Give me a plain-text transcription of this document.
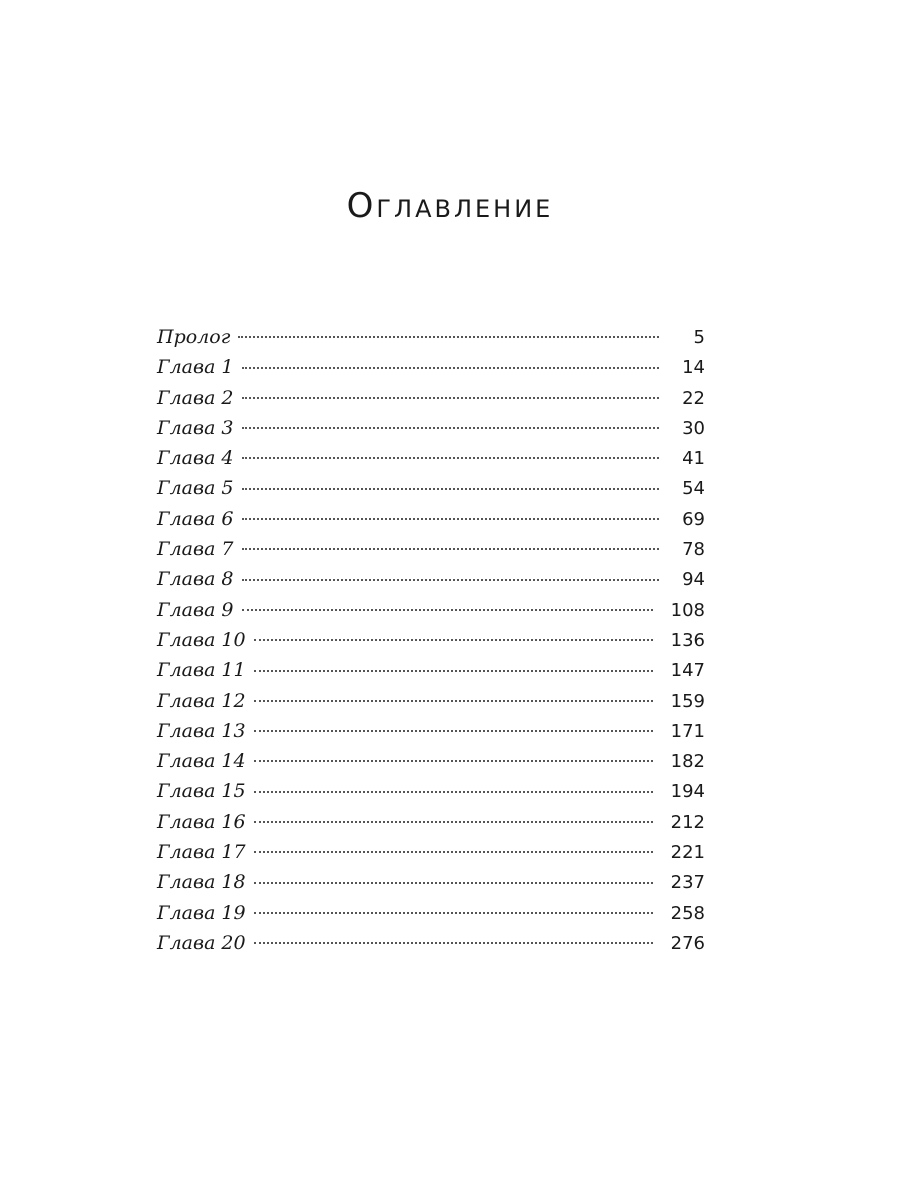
Оглавление
Пролог	5
Глава 1	14
Глава 2	22
Глава 3	30
Глава 4	41
Глава 5	54
Глава 6	69
Глава 7	78
Глава 8	94
Глава 9	108
Глава 10	136
Глава 11	147
Глава 12	159
Глава 13	171
Глава 14	182
Глава 15	194
Глава 16	212
Глава 17	221
Глава 18	237
Глава 19	258
Глава 20	276
